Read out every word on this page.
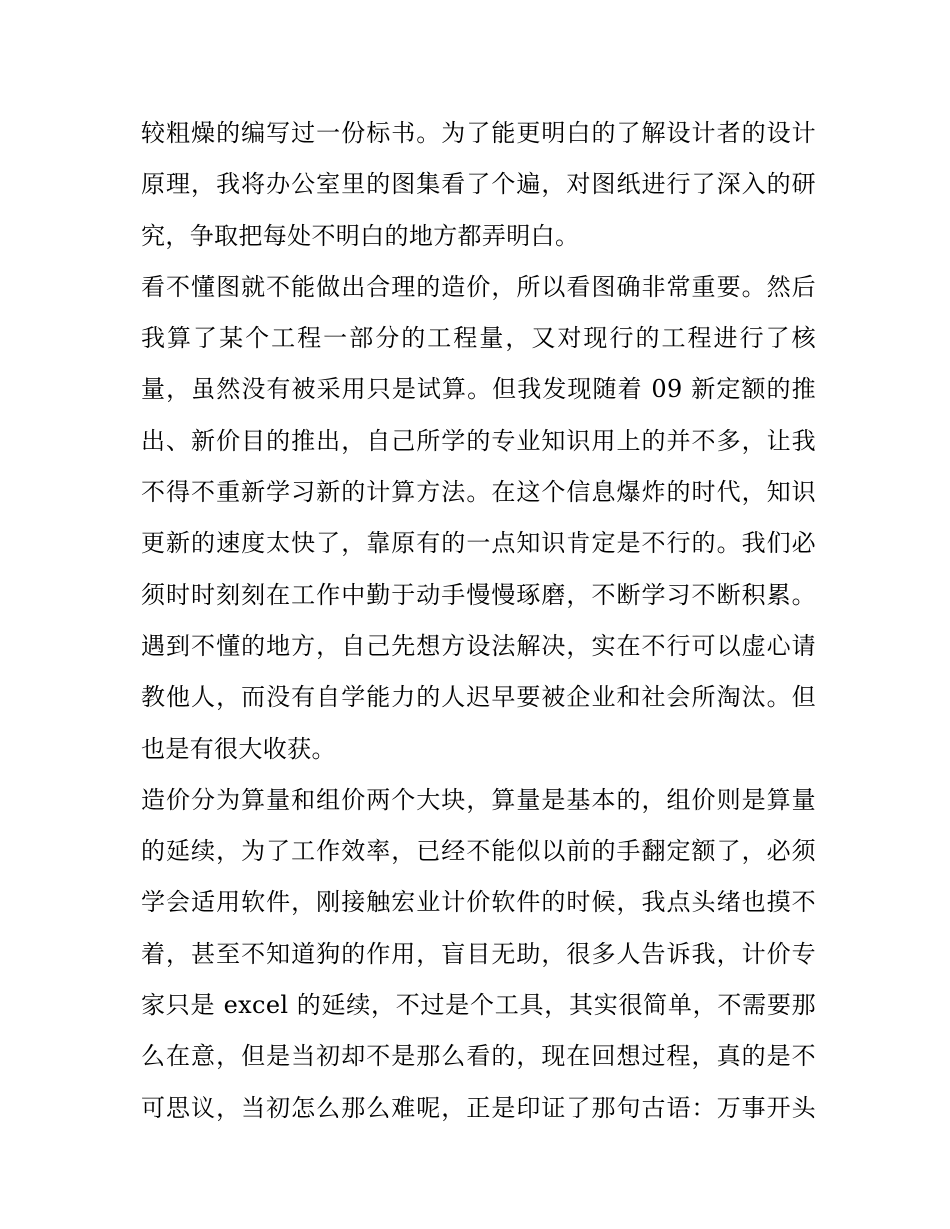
较粗燥的编写过一份标书。为了能更明白的了解设计者的设计
原理，我将办公室里的图集看了个遍，对图纸进行了深入的研
究，争取把每处不明白的地方都弄明白。
看不懂图就不能做出合理的造价，所以看图确非常重要。然后
我算了某个工程一部分的工程量，又对现行的工程进行了核
量，虽然没有被采用只是试算。但我发现随着 09 新定额的推
出、新价目的推出，自己所学的专业知识用上的并不多，让我
不得不重新学习新的计算方法。在这个信息爆炸的时代，知识
更新的速度太快了，靠原有的一点知识肯定是不行的。我们必
须时时刻刻在工作中勤于动手慢慢琢磨，不断学习不断积累。
遇到不懂的地方，自己先想方设法解决，实在不行可以虚心请
教他人，而没有自学能力的人迟早要被企业和社会所淘汰。但
也是有很大收获。
造价分为算量和组价两个大块，算量是基本的，组价则是算量
的延续，为了工作效率，已经不能似以前的手翻定额了，必须
学会适用软件，刚接触宏业计价软件的时候，我点头绪也摸不
着，甚至不知道狗的作用，盲目无助，很多人告诉我，计价专
家只是 excel 的延续，不过是个工具，其实很简单，不需要那
么在意，但是当初却不是那么看的，现在回想过程，真的是不
可思议，当初怎么那么难呢，正是印证了那句古语：万事开头
